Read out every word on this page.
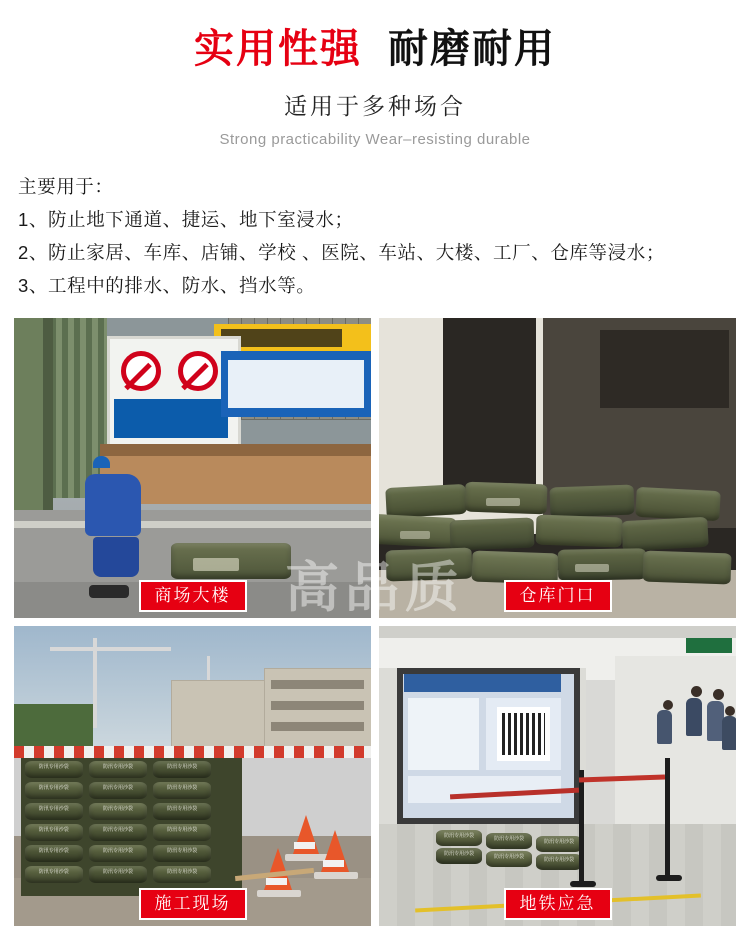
实用性强 耐磨耐用
适用于多种场合
Strong practicability Wear–resisting durable
主要用于：
1、防止地下通道、捷运、地下室浸水；
2、防止家居、车库、店铺、学校 、医院、车站、大楼、工厂、仓库等浸水；
3、工程中的排水、防水、挡水等。
商场大楼	仓库门口
防汛专用沙袋	防汛专用沙袋	防汛专用沙袋
防汛专用沙袋	防汛专用沙袋	防汛专用沙袋
防汛专用沙袋	防汛专用沙袋	防汛专用沙袋
防汛专用沙袋	防汛专用沙袋	防汛专用沙袋
防汛专用沙袋	防汛专用沙袋	防汛专用沙袋
防汛专用沙袋	防汛专用沙袋	防汛专用沙袋
施工现场
防汛专用沙袋	防汛专用沙袋	防汛专用沙袋
防汛专用沙袋	防汛专用沙袋	防汛专用沙袋
地铁应急
高品质
